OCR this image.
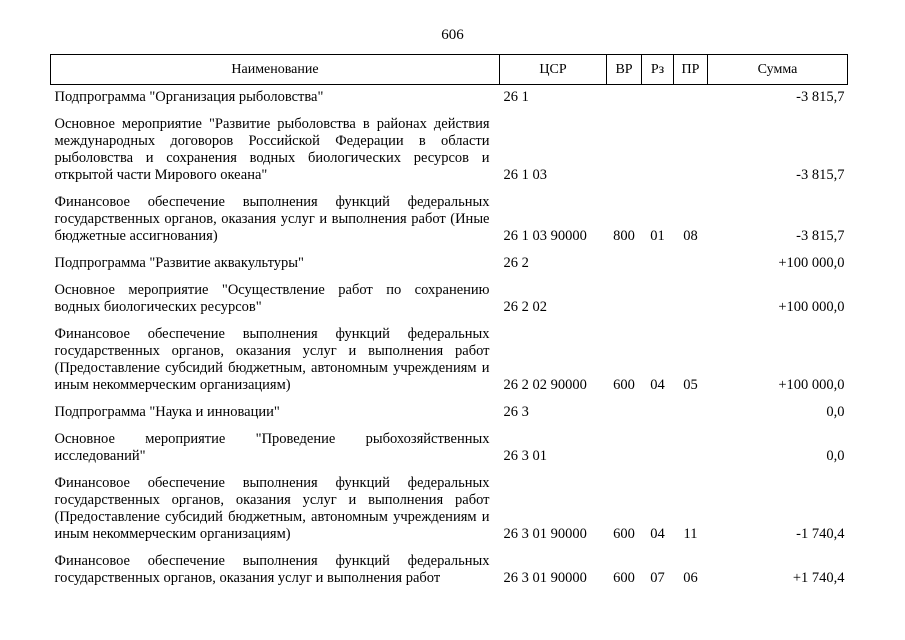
606
Наименование	ЦСР	ВР	Рз	ПР	Сумма
Подпрограмма "Организация рыболовства"	26 1				-3 815,7
Основное мероприятие "Развитие рыболовства в районах действия международных договоров Российской Федерации в области рыболовства и сохранения водных биологических ресурсов и открытой части Мирового океана"	26 1 03				-3 815,7
Финансовое обеспечение выполнения функций федеральных государственных органов, оказания услуг и выполнения работ (Иные бюджетные ассигнования)	26 1 03 90000	800	01	08	-3 815,7
Подпрограмма "Развитие аквакультуры"	26 2				+100 000,0
Основное мероприятие "Осуществление работ по сохранению водных биологических ресурсов"	26 2 02				+100 000,0
Финансовое обеспечение выполнения функций федеральных государственных органов, оказания услуг и выполнения работ (Предоставление субсидий бюджетным, автономным учреждениям и иным некоммерческим организациям)	26 2 02 90000	600	04	05	+100 000,0
Подпрограмма "Наука и инновации"	26 3				0,0
Основное мероприятие "Проведение рыбохозяйственных исследований"	26 3 01				0,0
Финансовое обеспечение выполнения функций федеральных государственных органов, оказания услуг и выполнения работ (Предоставление субсидий бюджетным, автономным учреждениям и иным некоммерческим организациям)	26 3 01 90000	600	04	11	-1 740,4
Финансовое обеспечение выполнения функций федеральных государственных органов, оказания услуг и выполнения работ	26 3 01 90000	600	07	06	+1 740,4
